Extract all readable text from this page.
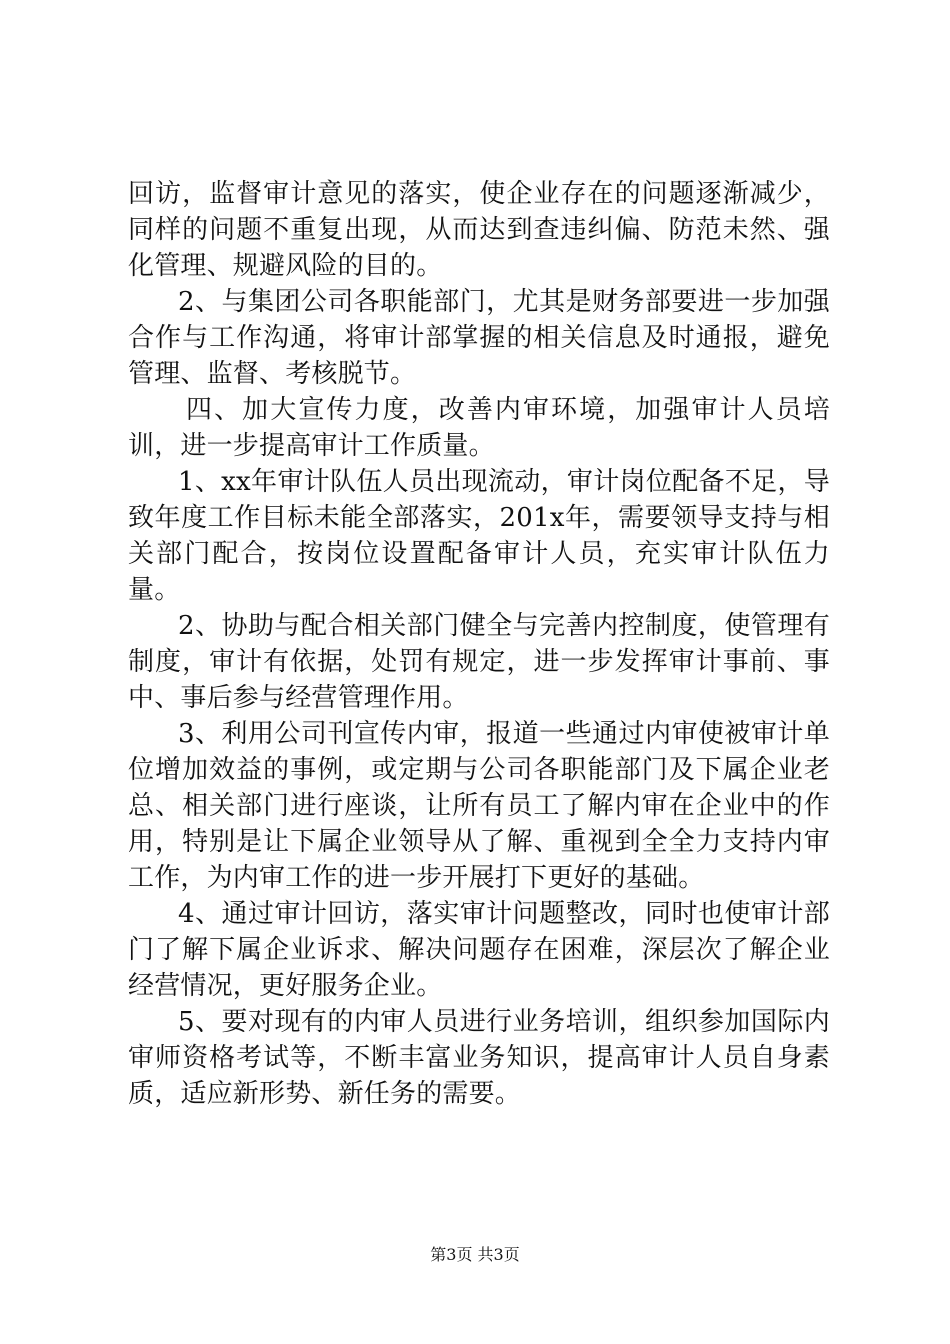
回访，监督审计意见的落实，使企业存在的问题逐渐减少，同样的问题不重复出现，从而达到查违纠偏、防范未然、强化管理、规避风险的目的。

2、与集团公司各职能部门，尤其是财务部要进一步加强合作与工作沟通，将审计部掌握的相关信息及时通报，避免管理、监督、考核脱节。

四、加大宣传力度，改善内审环境，加强审计人员培训，进一步提高审计工作质量。

1、xx年审计队伍人员出现流动，审计岗位配备不足，导致年度工作目标未能全部落实，201x年，需要领导支持与相关部门配合，按岗位设置配备审计人员，充实审计队伍力量。

2、协助与配合相关部门健全与完善内控制度，使管理有制度，审计有依据，处罚有规定，进一步发挥审计事前、事中、事后参与经营管理作用。

3、利用公司刊宣传内审，报道一些通过内审使被审计单位增加效益的事例，或定期与公司各职能部门及下属企业老总、相关部门进行座谈，让所有员工了解内审在企业中的作用，特别是让下属企业领导从了解、重视到全全力支持内审工作，为内审工作的进一步开展打下更好的基础。

4、通过审计回访，落实审计问题整改，同时也使审计部门了解下属企业诉求、解决问题存在困难，深层次了解企业经营情况，更好服务企业。

5、要对现有的内审人员进行业务培训，组织参加国际内审师资格考试等，不断丰富业务知识，提高审计人员自身素质，适应新形势、新任务的需要。

第3页 共3页
